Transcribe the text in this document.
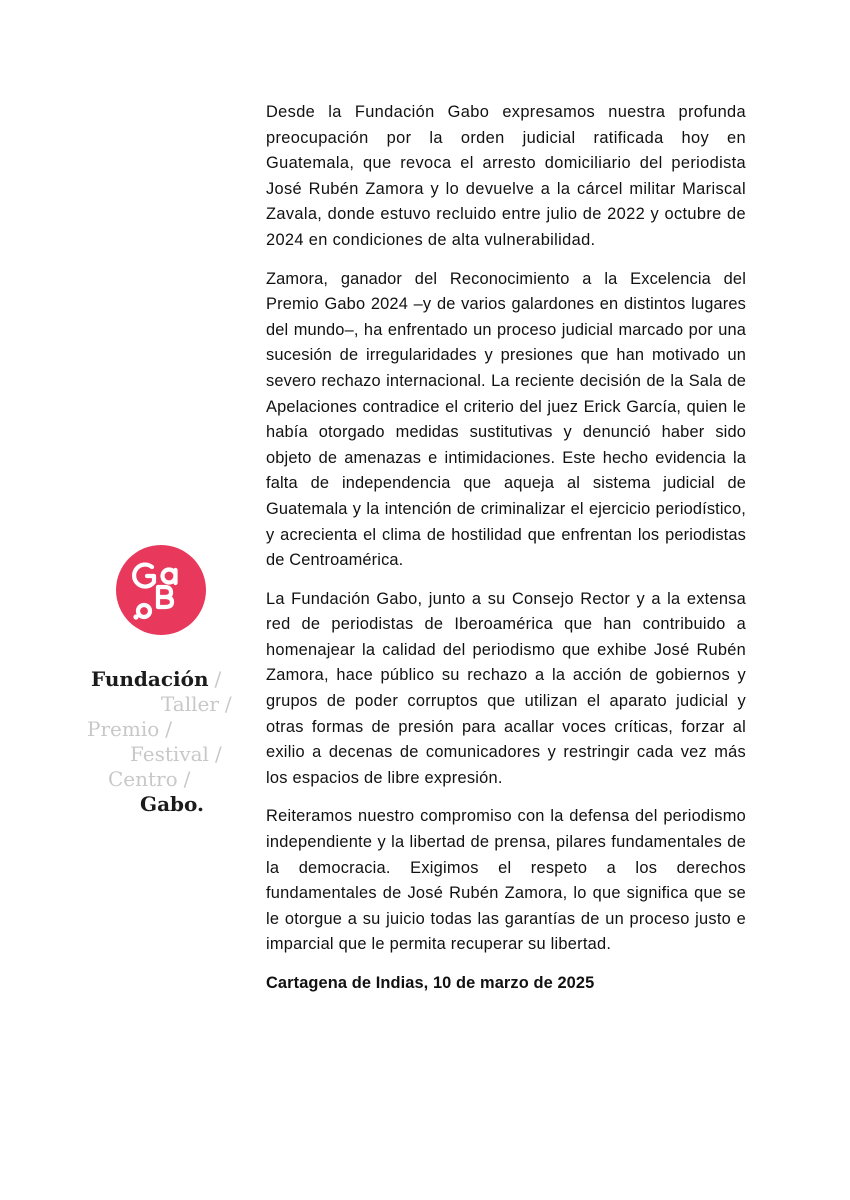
Fundación /
Taller /
Premio /
Festival /
Centro /
Gabo.

Desde la Fundación Gabo expresamos nuestra profunda preocupación por la orden judicial ratificada hoy en Guatemala, que revoca el arresto domiciliario del periodista José Rubén Zamora y lo devuelve a la cárcel militar Mariscal Zavala, donde estuvo recluido entre julio de 2022 y octubre de 2024 en condiciones de alta vulnerabilidad.

Zamora, ganador del Reconocimiento a la Excelencia del Premio Gabo 2024 –y de varios galardones en distintos lugares del mundo–, ha enfrentado un proceso judicial marcado por una sucesión de irregularidades y presiones que han motivado un severo rechazo internacional. La reciente decisión de la Sala de Apelaciones contradice el criterio del juez Erick García, quien le había otorgado medidas sustitutivas y denunció haber sido objeto de amenazas e intimidaciones. Este hecho evidencia la falta de independencia que aqueja al sistema judicial de Guatemala y la intención de criminalizar el ejercicio periodístico, y acrecienta el clima de hostilidad que enfrentan los periodistas de Centroamérica.

La Fundación Gabo, junto a su Consejo Rector y a la extensa red de periodistas de Iberoamérica que han contribuido a homenajear la calidad del periodismo que exhibe José Rubén Zamora, hace público su rechazo a la acción de gobiernos y grupos de poder corruptos que utilizan el aparato judicial y otras formas de presión para acallar voces críticas, forzar al exilio a decenas de comunicadores y restringir cada vez más los espacios de libre expresión.

Reiteramos nuestro compromiso con la defensa del periodismo independiente y la libertad de prensa, pilares fundamentales de la democracia. Exigimos el respeto a los derechos fundamentales de José Rubén Zamora, lo que significa que se le otorgue a su juicio todas las garantías de un proceso justo e imparcial que le permita recuperar su libertad.

Cartagena de Indias, 10 de marzo de 2025
